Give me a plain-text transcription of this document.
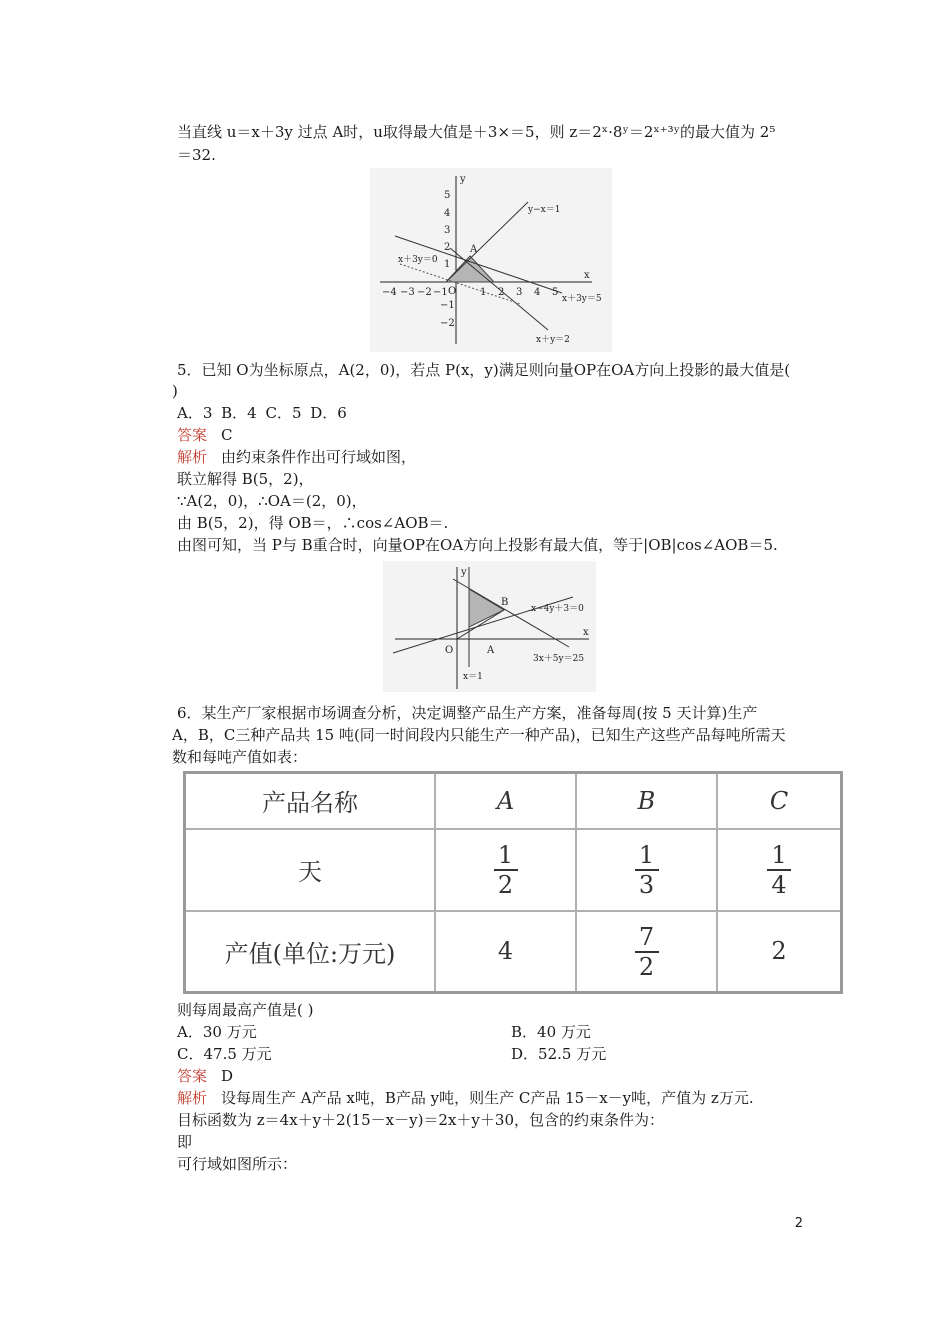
当直线 u＝x＋3y 过点 A时，u取得最大值是＋3×＝5，则 z＝2ˣ·8ʸ＝2ˣ⁺³ʸ的最大值为 2⁵
＝32.
y
x
O
A
5
4
3
2
1
−1
−2
−4 −3 −2 −1	1 2 3 4 5
y−x＝1
x＋3y＝0
x＋3y＝5
x＋y＝2
5．已知 O为坐标原点，A(2，0)，若点 P(x，y)满足则向量OP在OA方向上投影的最大值是(
)
A．3 B．4 C．5 D．6
答案 C
解析 由约束条件作出可行域如图，
联立解得 B(5，2)，
∵A(2，0)，∴OA＝(2，0)，
由 B(5，2)，得 OB＝，∴cos∠AOB＝.
由图可知，当 P与 B重合时，向量OP在OA方向上投影有最大值，等于|OB|cos∠AOB＝5.
y
x
O	A
B
x−4y＋3＝0
3x＋5y＝25
x＝1
6．某生产厂家根据市场调查分析，决定调整产品生产方案，准备每周(按 5 天计算)生产
A，B，C三种产品共 15 吨(同一时间段内只能生产一种产品)，已知生产这些产品每吨所需天
数和每吨产值如表：
产品名称	A	B	C
天	$\frac{1}{2}$	$\frac{1}{3}$	$\frac{1}{4}$

产值(单位:万元)	4	$\frac{7}{2}$	2
则每周最高产值是( )
A．30 万元	B．40 万元
C．47.5 万元	D．52.5 万元
答案 D
解析 设每周生产 A产品 x吨，B产品 y吨，则生产 C产品 15－x－y吨，产值为 z万元.
目标函数为 z＝4x＋y＋2(15－x－y)＝2x＋y＋30，包含的约束条件为：
即
可行域如图所示：
2
